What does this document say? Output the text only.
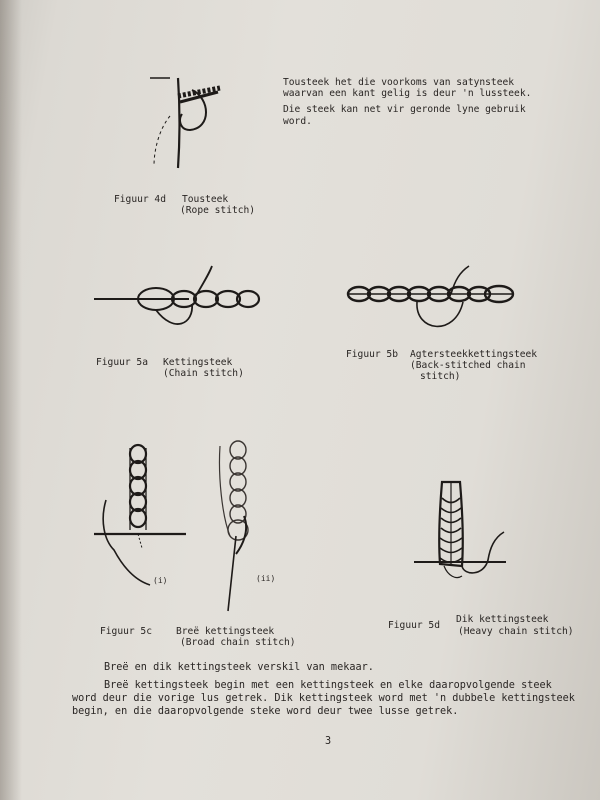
Tousteek het die voorkoms van satynsteek
waarvan een kant gelig is deur 'n lussteek.
Die steek kan net vir geronde lyne gebruik
word.
Figuur 4d Tousteek
(Rope stitch)
Figuur 5a Kettingsteek
(Chain stitch)
Figuur 5b Agtersteekkettingsteek
(Back-stitched chain
stitch)
(i)	(ii)
Figuur 5c	Breë kettingsteek
(Broad chain stitch)
Figuur 5d
Dik kettingsteek
(Heavy chain stitch)
Breë en dik kettingsteek verskil van mekaar.
Breë kettingsteek begin met een kettingsteek en elke daaropvolgende steek
word deur die vorige lus getrek. Dik kettingsteek word met 'n dubbele kettingsteek
begin, en die daaropvolgende steke word deur twee lusse getrek.
3
